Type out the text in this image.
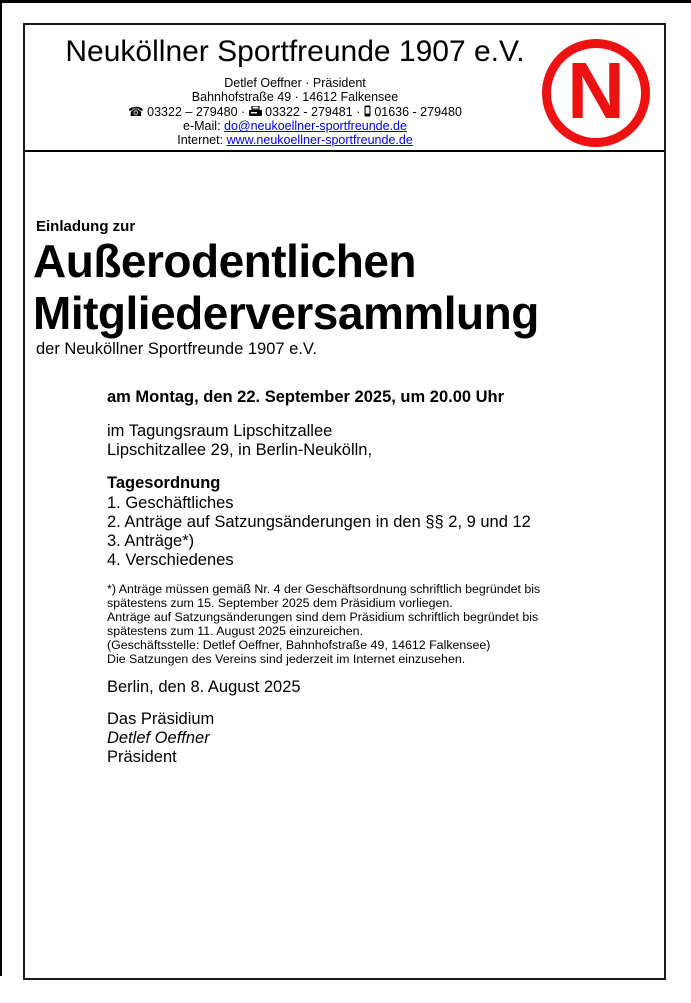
Neuköllner Sportfreunde 1907 e.V.
Detlef Oeffner · Präsident
Bahnhofstraße 49 · 14612 Falkensee
☎ 03322 – 279480 ·  03322 - 279481 ·  01636 - 279480
e-Mail: do@neukoellner-sportfreunde.de
Internet: www.neukoellner-sportfreunde.de
N
Einladung zur
Außerodentlichen
Mitgliederversammlung
der Neuköllner Sportfreunde 1907 e.V.
am Montag, den 22. September 2025, um 20.00 Uhr
im Tagungsraum Lipschitzallee
Lipschitzallee 29, in Berlin-Neukölln,
Tagesordnung
1. Geschäftliches
2. Anträge auf Satzungsänderungen in den §§ 2, 9 und 12
3. Anträge*)
4. Verschiedenes
*) Anträge müssen gemäß Nr. 4 der Geschäftsordnung schriftlich begründet bis
spätestens zum 15. September 2025 dem Präsidium vorliegen.
Anträge auf Satzungsänderungen sind dem Präsidium schriftlich begründet bis
spätestens zum 11. August 2025 einzureichen.
(Geschäftsstelle: Detlef Oeffner, Bahnhofstraße 49, 14612 Falkensee)
Die Satzungen des Vereins sind jederzeit im Internet einzusehen.
Berlin, den 8. August 2025
Das Präsidium
Detlef Oeffner
Präsident
